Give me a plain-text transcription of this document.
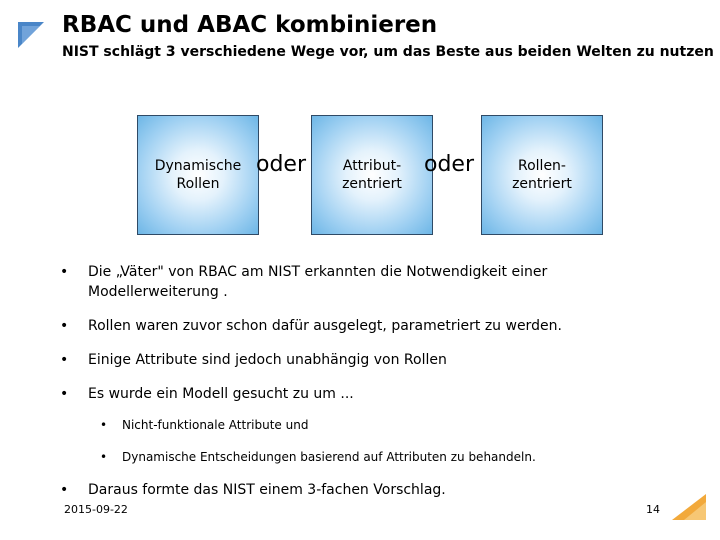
RBAC und ABAC kombinieren
NIST schlägt 3 verschiedene Wege vor, um das Beste aus beiden Welten zu nutzen
Dynamische
Rollen
oder	Attribut-
zentriert
oder	Rollen-
zentriert
• Die „Väter" von RBAC am NIST erkannten die Notwendigkeit einer Modellerweiterung .
• Rollen waren zuvor schon dafür ausgelegt, parametriert zu werden.
• Einige Attribute sind jedoch unabhängig von Rollen
• Es wurde ein Modell gesucht zu um ...
• Nicht-funktionale Attribute und
• Dynamische Entscheidungen basierend auf Attributen zu behandeln.
• Daraus formte das NIST einem 3-fachen Vorschlag.
2015-09-22	14
